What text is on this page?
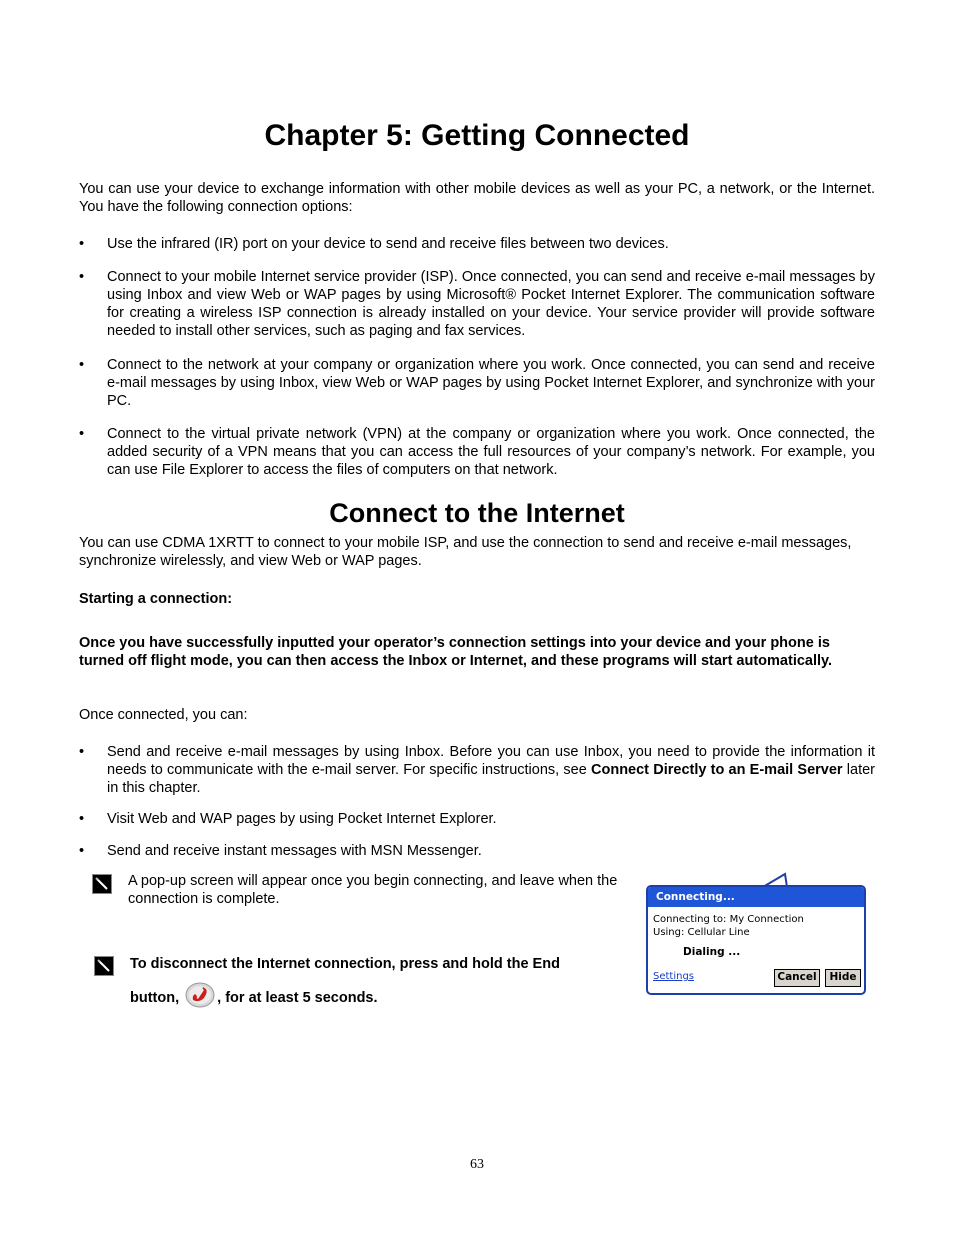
Chapter 5: Getting Connected

You can use your device to exchange information with other mobile devices as well as your PC, a network, or the Internet. You have the following connection options:

•	Use the infrared (IR) port on your device to send and receive files between two devices.
•	Connect to your mobile Internet service provider (ISP). Once connected, you can send and receive e-mail messages by using Inbox and view Web or WAP pages by using Microsoft® Pocket Internet Explorer. The communication software for creating a wireless ISP connection is already installed on your device. Your service provider will provide software needed to install other services, such as paging and fax services.
•	Connect to the network at your company or organization where you work. Once connected, you can send and receive e-mail messages by using Inbox, view Web or WAP pages by using Pocket Internet Explorer, and synchronize with your PC.
•	Connect to the virtual private network (VPN) at the company or organization where you work. Once connected, the added security of a VPN means that you can access the full resources of your company’s network. For example, you can use File Explorer to access the files of computers on that network.
Connect to the Internet

You can use CDMA 1XRTT to connect to your mobile ISP, and use the connection to send and receive e-mail messages, synchronize wirelessly, and view Web or WAP pages.

Starting a connection:

Once you have successfully inputted your operator’s connection settings into your device and your phone is turned off flight mode, you can then access the Inbox or Internet, and these programs will start automatically.

Once connected, you can:

•	Send and receive e-mail messages by using Inbox. Before you can use Inbox, you need to provide the information it needs to communicate with the e-mail server. For specific instructions, see Connect Directly to an E-mail Server later in this chapter.
•	Visit Web and WAP pages by using Pocket Internet Explorer.
•	Send and receive instant messages with MSN Messenger.
A pop-up screen will appear once you begin connecting, and leave when the connection is complete.
To disconnect the Internet connection, press and hold the End
button, , for at least 5 seconds.
Connecting...
Connecting to: My Connection
Using: Cellular Line
Dialing ...
Settings	Cancel	Hide
63
